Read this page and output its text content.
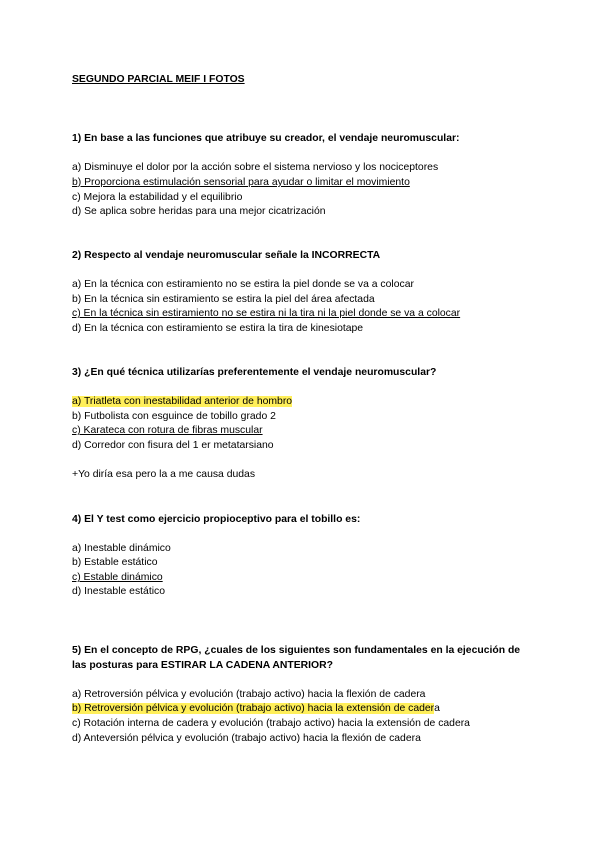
SEGUNDO PARCIAL MEIF I FOTOS
1) En base a las funciones que atribuye su creador, el vendaje neuromuscular:
a) Disminuye el dolor por la acción sobre el sistema nervioso y los nociceptores
b) Proporciona estimulación sensorial para ayudar o limitar el movimiento
c) Mejora la estabilidad y el equilibrio
d) Se aplica sobre heridas para una mejor cicatrización
2) Respecto al vendaje neuromuscular señale la INCORRECTA
a) En la técnica con estiramiento no se estira la piel donde se va a colocar
b) En la técnica sin estiramiento se estira la piel del área afectada
c) En la técnica sin estiramiento no se estira ni la tira ni la piel donde se va a colocar
d) En la técnica con estiramiento se estira la tira de kinesiotape
3) ¿En qué técnica utilizarías preferentemente el vendaje neuromuscular?
a) Triatleta con inestabilidad anterior de hombro
b) Futbolista con esguince de tobillo grado 2
c) Karateca con rotura de fibras muscular
d) Corredor con fisura del 1 er metatarsiano
+Yo diría esa pero la a me causa dudas
4) El Y test como ejercicio propioceptivo para el tobillo es:
a) Inestable dinámico
b) Estable estático
c) Estable dinámico
d) Inestable estático
5) En el concepto de RPG, ¿cuales de los siguientes son fundamentales en la ejecución de
las posturas para ESTIRAR LA CADENA ANTERIOR?
a) Retroversión pélvica y evolución (trabajo activo) hacia la flexión de cadera
b) Retroversión pélvica y evolución (trabajo activo) hacia la extensión de cadera
c) Rotación interna de cadera y evolución (trabajo activo) hacia la extensión de cadera
d) Anteversión pélvica y evolución (trabajo activo) hacia la flexión de cadera
